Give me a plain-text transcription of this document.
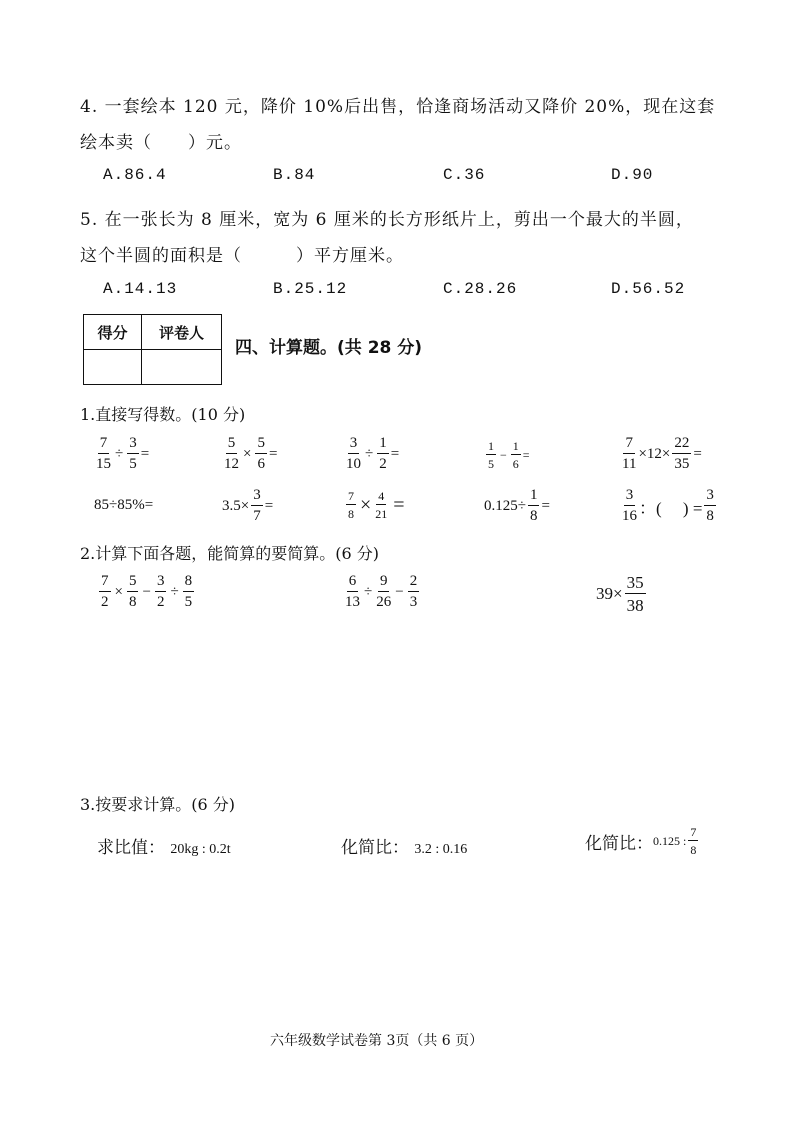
4. 一套绘本 120 元，降价 10%后出售，恰逢商场活动又降价 20%，现在这套
绘本卖（　　）元。
A.86.4	B.84	C.36	D.90
5. 在一张长为 8 厘米，宽为 6 厘米的长方形纸片上，剪出一个最大的半圆，
这个半圆的面积是（　　　）平方厘米。
A.14.13	B.25.12	C.28.26	D.56.52
得分	评卷人

四、计算题。(共 28 分)
1.直接写得数。(10 分)
$\frac{7}{15} \div \frac{3}{5}$ =	$\frac{5}{12} \times \frac{5}{6}$ =	$\frac{3}{10} \div \frac{1}{2}$ =	$\frac{1}{5} - \frac{1}{6}$ =	$\frac{7}{11} \times 12\times \frac{22}{35}$ =
85÷85%=	$3.5\times \frac{3}{7}$ =	$\frac{7}{8} \times \frac{4}{21}$ =	$0.125\div \frac{1}{8}$ =	$\frac{3}{16}$ ：(　 ) = $\frac{3}{8}$
2.计算下面各题，能简算的要简算。(6 分)
$\frac{7}{2} \times \frac{5}{8} - \frac{3}{2} \div \frac{8}{5}$	$\frac{6}{13} \div \frac{9}{26} - \frac{2}{3}$	$39\times \frac{35}{38}$
3.按要求计算。(6 分)
求比值： 20kg : 0.2t	化简比： 3.2 : 0.16	化简比： 0.125 : $\frac{7}{8}$
六年级数学试卷第 3页（共 6 页）
